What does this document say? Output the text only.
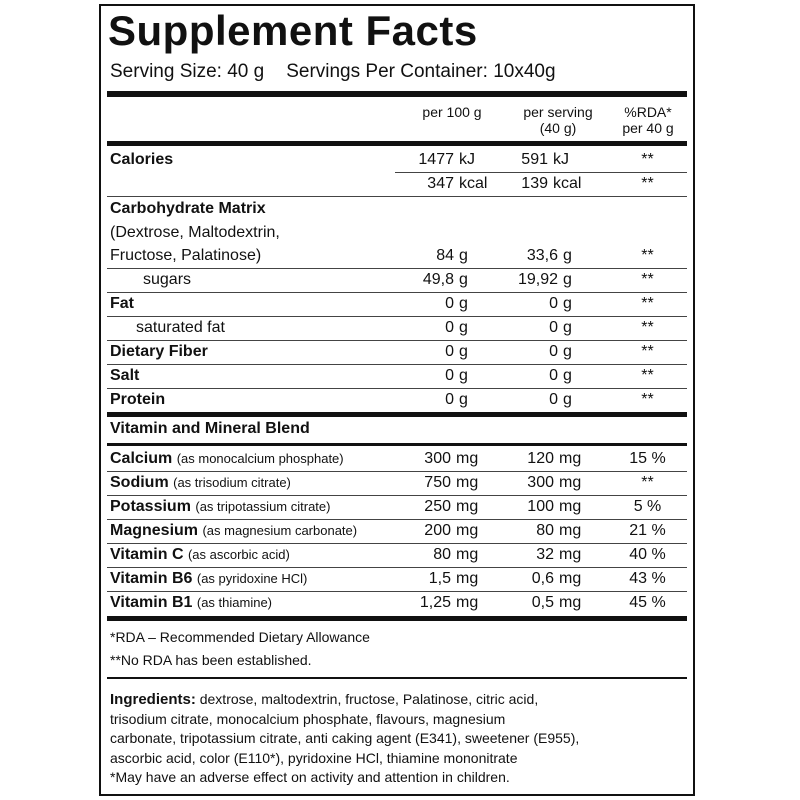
Supplement Facts
Serving Size: 40 g Servings Per Container: 10x40g
per 100 g	per serving
(40 g)
%RDA*
per 40 g
Calories	1477 kJ	591 kJ	**
347 kcal	139 kcal	**
Carbohydrate Matrix
(Dextrose, Maltodextrin,
Fructose, Palatinose)	84 g	33,6 g	**
sugars	49,8 g	19,92 g	**
Fat	0 g	0 g	**
saturated fat	0 g	0 g	**
Dietary Fiber	0 g	0 g	**
Salt	0 g	0 g	**
Protein	0 g	0 g	**
Vitamin and Mineral Blend
Calcium (as monocalcium phosphate)	300 mg	120 mg	15 %
Sodium (as trisodium citrate)	750 mg	300 mg	**
Potassium (as tripotassium citrate)	250 mg	100 mg	5 %
Magnesium (as magnesium carbonate)	200 mg	80 mg	21 %
Vitamin C (as ascorbic acid)	80 mg	32 mg	40 %
Vitamin B6 (as pyridoxine HCl)	1,5 mg	0,6 mg	43 %
Vitamin B1 (as thiamine)	1,25 mg	0,5 mg	45 %
*RDA – Recommended Dietary Allowance
**No RDA has been established.
Ingredients: dextrose, maltodextrin, fructose, Palatinose, citric acid,
trisodium citrate, monocalcium phosphate, flavours, magnesium
carbonate, tripotassium citrate, anti caking agent (E341), sweetener (E955),
ascorbic acid, color (E110*), pyridoxine HCl, thiamine mononitrate
*May have an adverse effect on activity and attention in children.
